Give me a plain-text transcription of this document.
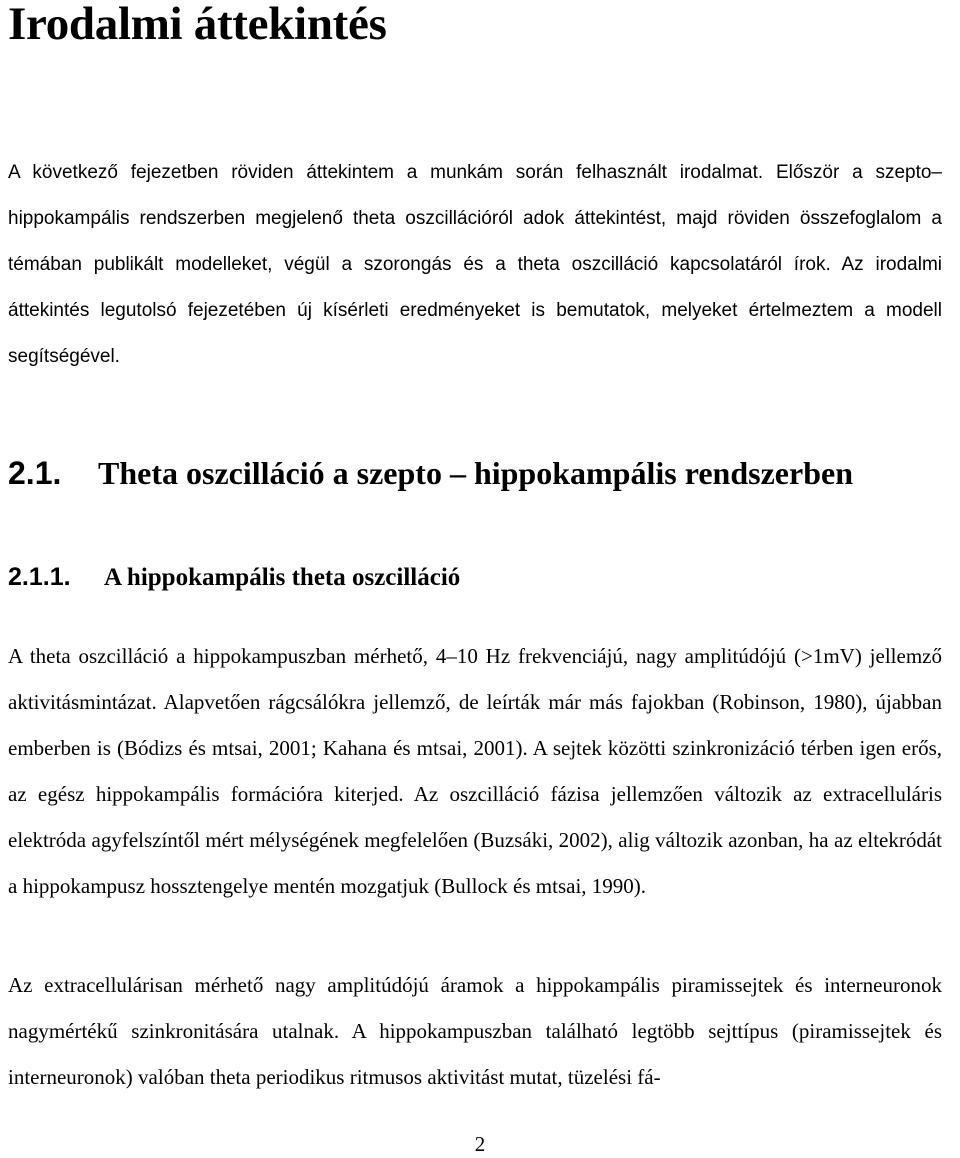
Irodalmi áttekintés

A következő fejezetben röviden áttekintem a munkám során felhasznált irodalmat. Először a szepto–hippokampális rendszerben megjelenő theta oszcillációról adok áttekintést, majd röviden összefoglalom a témában publikált modelleket, végül a szorongás és a theta oszcilláció kapcsolatáról írok. Az irodalmi áttekintés legutolsó fejezetében új kísérleti eredményeket is bemutatok, melyeket értelmeztem a modell segítségével.

2.1. Theta oszcilláció a szepto – hippokampális rendszerben
2.1.1. A hippokampális theta oszcilláció

A theta oszcilláció a hippokampuszban mérhető, 4–10 Hz frekvenciájú, nagy amplitúdójú (>1mV) jellemző aktivitásmintázat. Alapvetően rágcsálókra jellemző, de leírták már más fajokban (Robinson, 1980), újabban emberben is (Bódizs és mtsai, 2001; Kahana és mtsai, 2001). A sejtek közötti szinkronizáció térben igen erős, az egész hippokampális formációra kiterjed. Az oszcilláció fázisa jellemzően változik az extracelluláris elektróda agyfelszíntől mért mélységének megfelelően (Buzsáki, 2002), alig változik azonban, ha az eltekródát a hippokampusz hossztengelye mentén mozgatjuk (Bullock és mtsai, 1990).

Az extracellulárisan mérhető nagy amplitúdójú áramok a hippokampális piramissejtek és interneuronok nagymértékű szinkronitására utalnak. A hippokampuszban található legtöbb sejttípus (piramissejtek és interneuronok) valóban theta periodikus ritmusos aktivitást mutat, tüzelési fá-

2
